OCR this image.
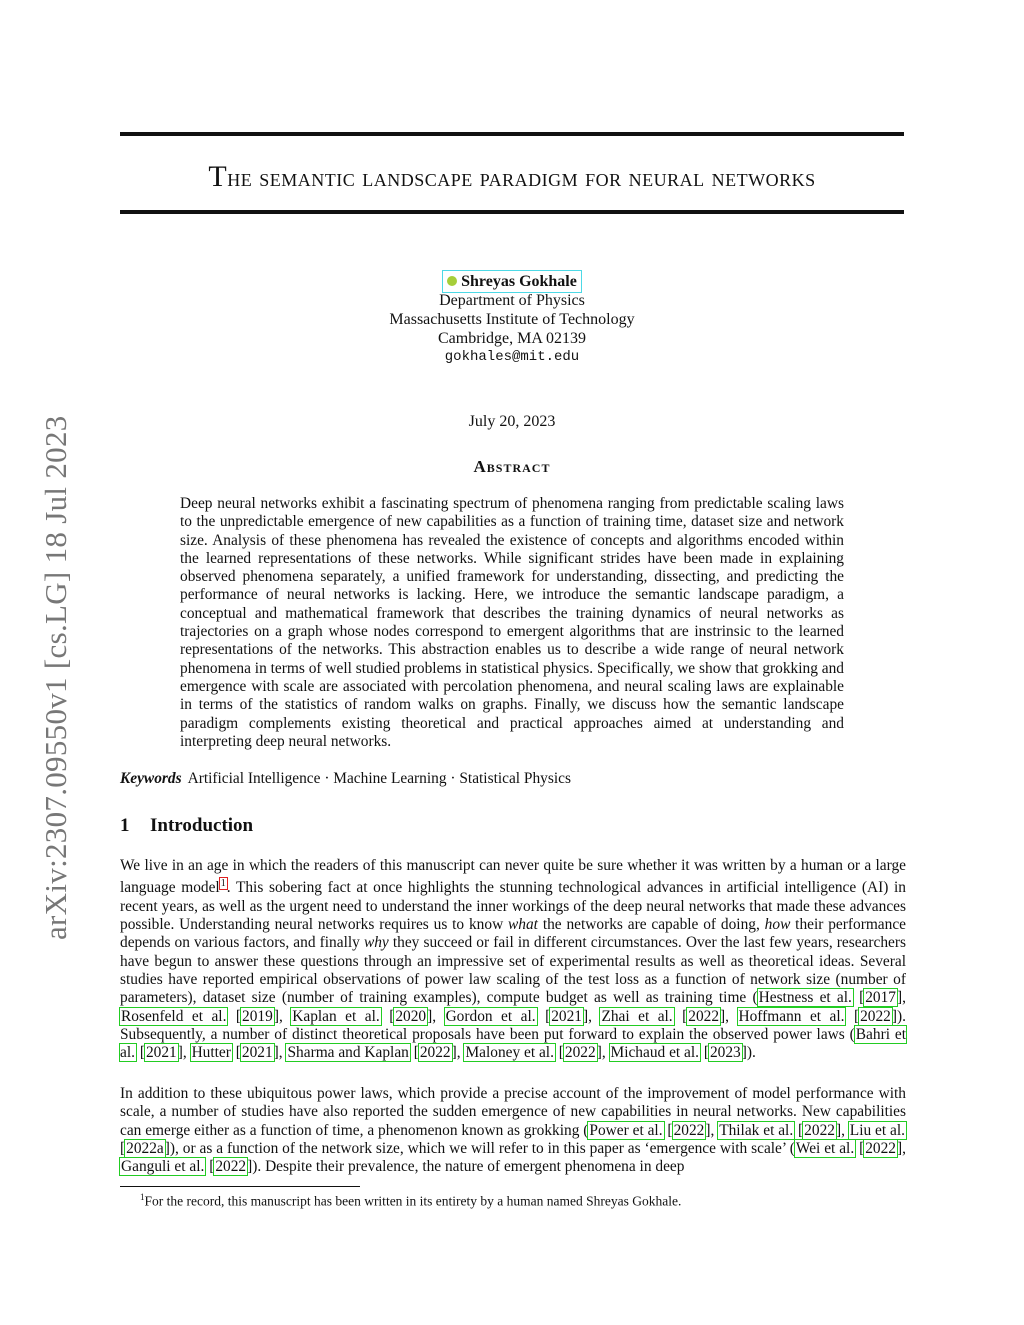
arXiv:2307.09550v1 [cs.LG] 18 Jul 2023
The semantic landscape paradigm for neural networks
Shreyas Gokhale
Department of Physics
Massachusetts Institute of Technology
Cambridge, MA 02139
gokhales@mit.edu
July 20, 2023
Abstract
Deep neural networks exhibit a fascinating spectrum of phenomena ranging from predictable scaling laws to the unpredictable emergence of new capabilities as a function of training time, dataset size and network size. Analysis of these phenomena has revealed the existence of concepts and algorithms encoded within the learned representations of these networks. While significant strides have been made in explaining observed phenomena separately, a unified framework for understanding, dissecting, and predicting the performance of neural networks is lacking. Here, we introduce the semantic landscape paradigm, a conceptual and mathematical framework that describes the training dynamics of neural networks as trajectories on a graph whose nodes correspond to emergent algorithms that are instrinsic to the learned representations of the networks. This abstraction enables us to describe a wide range of neural network phenomena in terms of well studied problems in statistical physics. Specifically, we show that grokking and emergence with scale are associated with percolation phenomena, and neural scaling laws are explainable in terms of the statistics of random walks on graphs. Finally, we discuss how the semantic landscape paradigm complements existing theoretical and practical approaches aimed at understanding and interpreting deep neural networks.
Keywords Artificial Intelligence · Machine Learning · Statistical Physics
1 Introduction
We live in an age in which the readers of this manuscript can never quite be sure whether it was written by a human or a large language model$^1$. This sobering fact at once highlights the stunning technological advances in artificial intelligence (AI) in recent years, as well as the urgent need to understand the inner workings of the deep neural networks that made these advances possible. Understanding neural networks requires us to know what the networks are capable of doing, how their performance depends on various factors, and finally why they succeed or fail in different circumstances. Over the last few years, researchers have begun to answer these questions through an impressive set of experimental results as well as theoretical ideas. Several studies have reported empirical observations of power law scaling of the test loss as a function of network size (number of parameters), dataset size (number of training examples), compute budget as well as training time (Hestness et al. [2017], Rosenfeld et al. [2019], Kaplan et al. [2020], Gordon et al. [2021], Zhai et al. [2022], Hoffmann et al. [2022]). Subsequently, a number of distinct theoretical proposals have been put forward to explain the observed power laws (Bahri et al. [2021], Hutter [2021], Sharma and Kaplan [2022], Maloney et al. [2022], Michaud et al. [2023]).
In addition to these ubiquitous power laws, which provide a precise account of the improvement of model performance with scale, a number of studies have also reported the sudden emergence of new capabilities in neural networks. New capabilities can emerge either as a function of time, a phenomenon known as grokking (Power et al. [2022], Thilak et al. [2022], Liu et al. [2022a]), or as a function of the network size, which we will refer to in this paper as ‘emergence with scale’ (Wei et al. [2022], Ganguli et al. [2022]). Despite their prevalence, the nature of emergent phenomena in deep
$^1$For the record, this manuscript has been written in its entirety by a human named Shreyas Gokhale.
